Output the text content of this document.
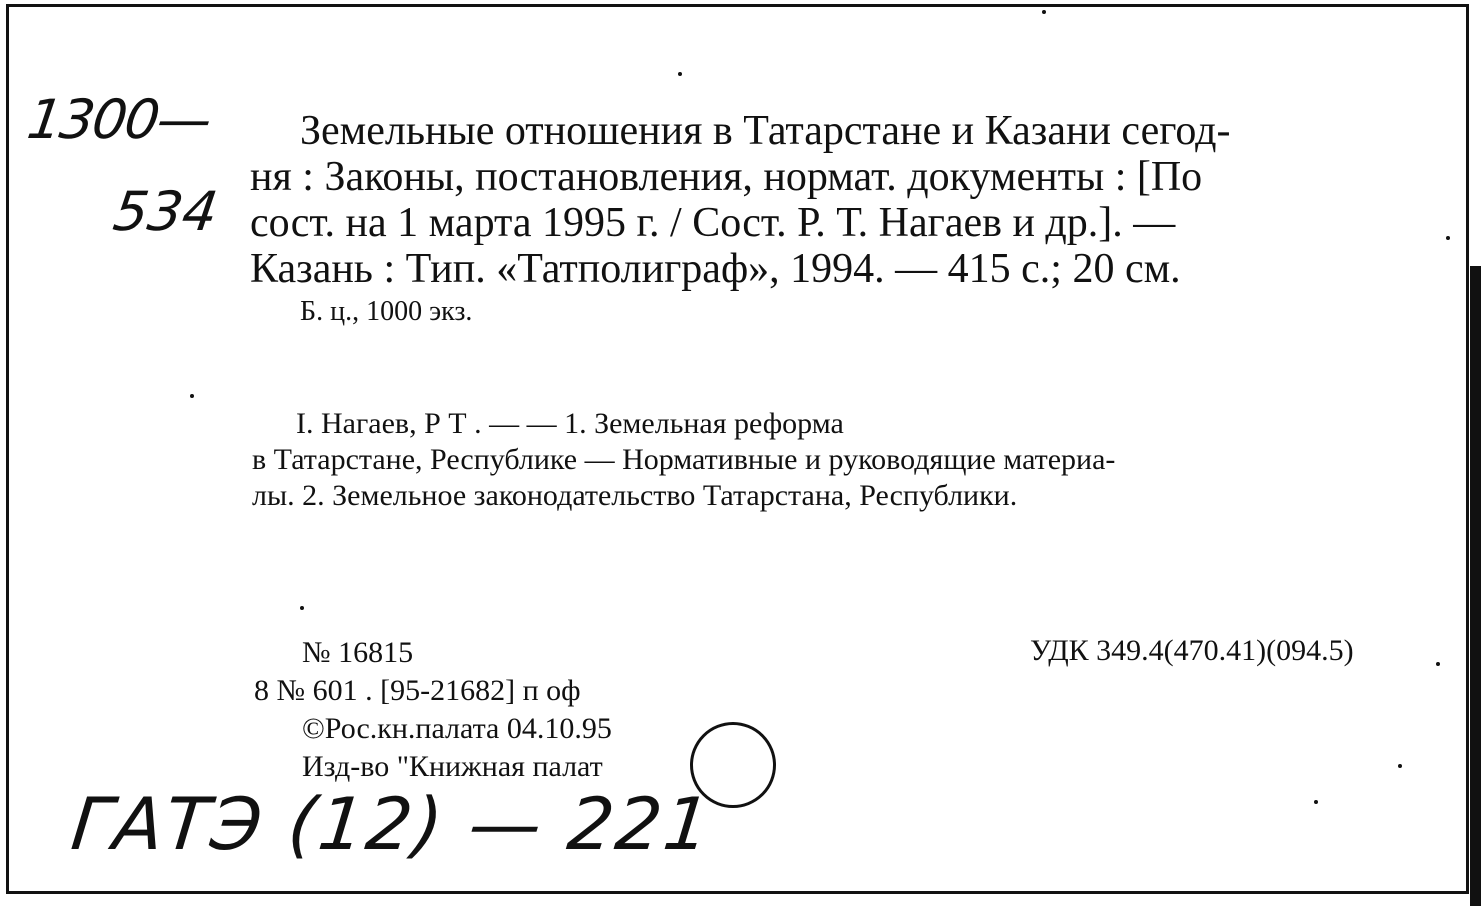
1300—
534
Земельные отношения в Татарстане и Казани сегод-
ня : Законы, постановления, нормат. документы : [По
сост. на 1 марта 1995 г. / Сост. Р. Т. Нагаев и др.]. —
Казань : Тип. «Татполиграф», 1994. — 415 с.; 20 см.
Б. ц., 1000 экз.
I. Нагаев, Р Т . — — 1. Земельная реформа
в Татарстане, Республике — Нормативные и руководящие материа-
лы. 2. Земельное законодательство Татарстана, Республики.
№ 16815
8 № 601 . [95-21682] п оф
©Рос.кн.палата 04.10.95
Изд-во "Книжная палат
УДК 349.4(470.41)(094.5)
ГАТЭ (12) — 221
